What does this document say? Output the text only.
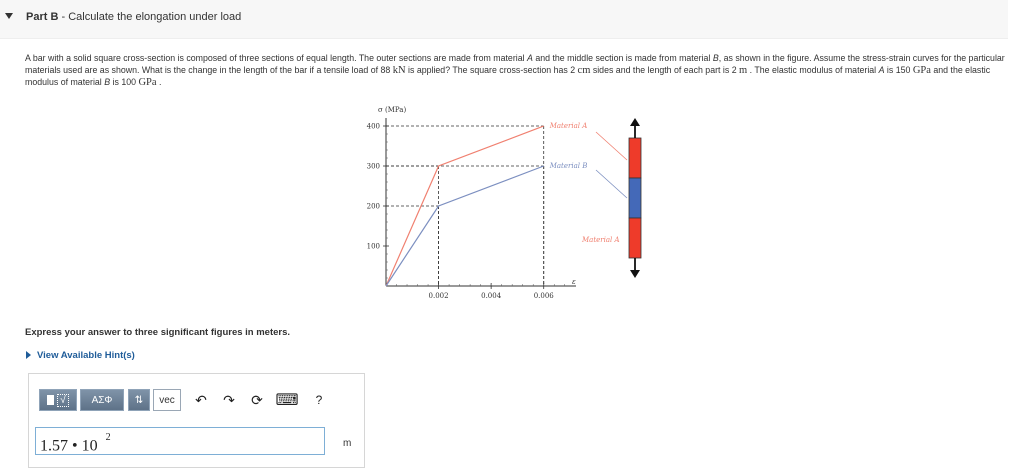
Part B - Calculate the elongation under load
A bar with a solid square cross-section is composed of three sections of equal length. The outer sections are made from material A and the middle section is made from material B, as shown in the figure. Assume the stress-strain curves for the particular materials used are as shown. What is the change in the length of the bar if a tensile load of 88 kN is applied? The square cross-section has 2 cm sides and the length of each part is 2 m . The elastic modulus of material A is 150 GPa and the elastic modulus of material B is 100 GPa .
σ (MPa)
ε
Material A
Material B
100
200
300
400
0.002	0.004	0.006
Material A
Express your answer to three significant figures in meters.
View Available Hint(s)
√	ΑΣΦ ⇅ vec ↶ ↷ ⟳ ⌨	?
1.57 • 10 $^2$
m
